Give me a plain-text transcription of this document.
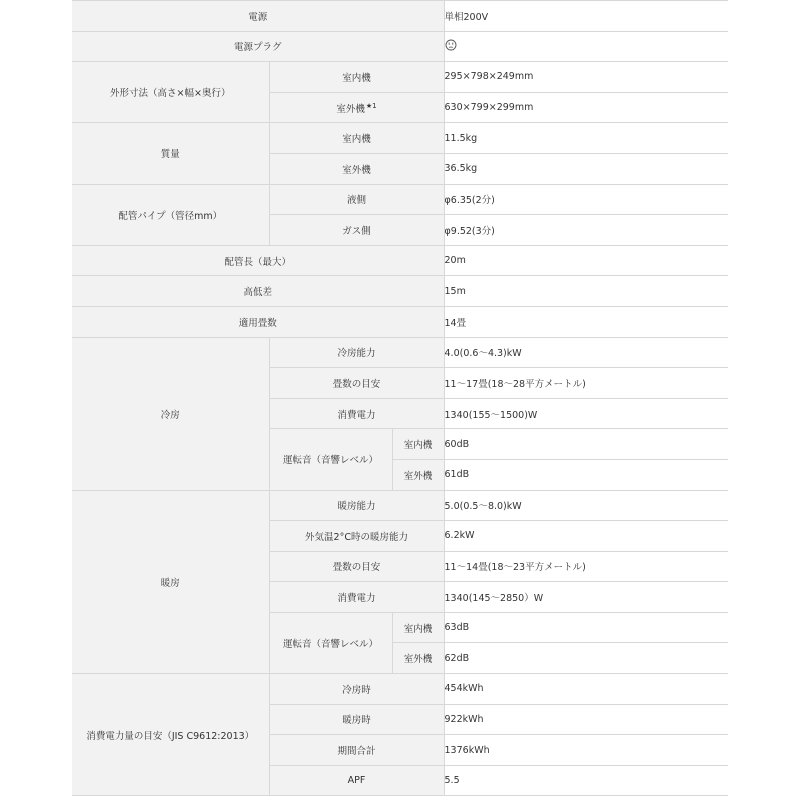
電源			単相200V
電源プラグ	
外形寸法（高さ×幅×奥行）	室内機		295×798×249mm
	室外機$^{★1}$		630×799×299mm
質量	室内機		11.5kg
	室外機		36.5kg
配管パイプ（管径mm）	液側		φ6.35(2分)
	ガス側		φ9.52(3分)
配管長（最大）			20m
高低差			15m
適用畳数			14畳
冷房	冷房能力		4.0(0.6〜4.3)kW
	畳数の目安		11〜17畳(18〜28平方メートル)
	消費電力		1340(155〜1500)W
	運転音（音響レベル）	室内機	60dB
		室外機	61dB
暖房	暖房能力		5.0(0.5〜8.0)kW
	外気温2°C時の暖房能力		6.2kW
	畳数の目安		11〜14畳(18〜23平方メートル)
	消費電力		1340(145〜2850）W
	運転音（音響レベル）	室内機	63dB
		室外機	62dB
消費電力量の目安（JIS C9612:2013）	冷房時		454kWh
	暖房時		922kWh
	期間合計		1376kWh
	APF		5.5
